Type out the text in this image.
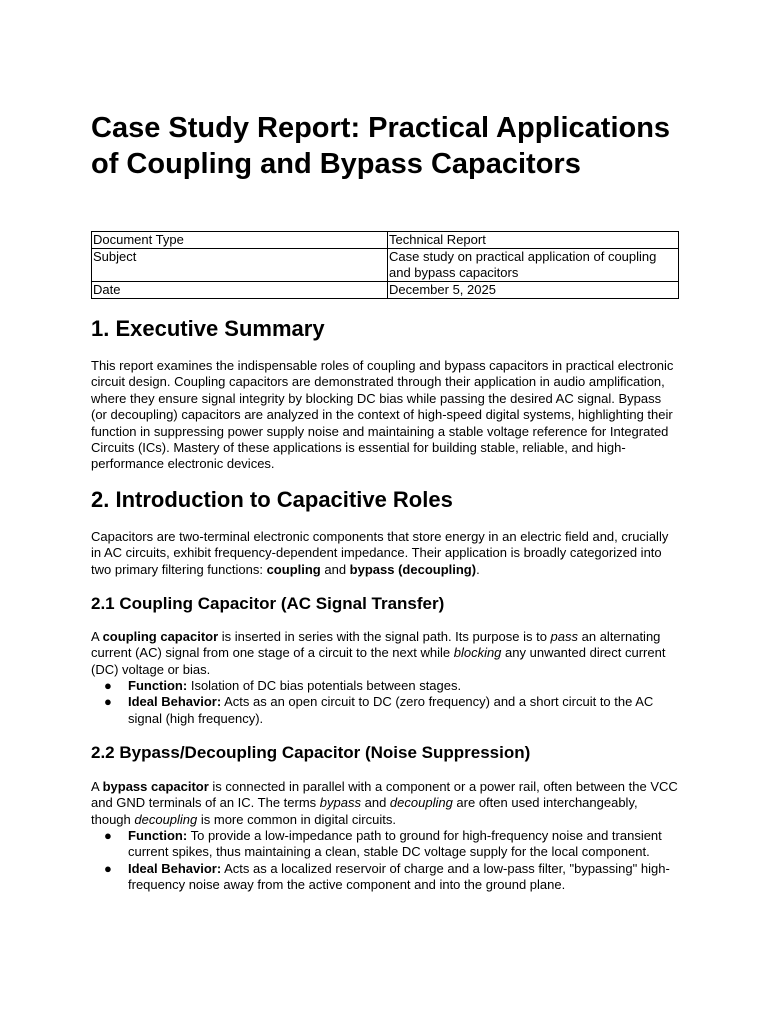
Case Study Report: Practical Applications of Coupling and Bypass Capacitors
Document Type	Technical Report
Subject	Case study on practical application of coupling and bypass capacitors
Date	December 5, 2025
1. Executive Summary

This report examines the indispensable roles of coupling and bypass capacitors in practical electronic circuit design. Coupling capacitors are demonstrated through their application in audio amplification, where they ensure signal integrity by blocking DC bias while passing the desired AC signal. Bypass (or decoupling) capacitors are analyzed in the context of high-speed digital systems, highlighting their function in suppressing power supply noise and maintaining a stable voltage reference for Integrated Circuits (ICs). Mastery of these applications is essential for building stable, reliable, and high-performance electronic devices.

2. Introduction to Capacitive Roles

Capacitors are two-terminal electronic components that store energy in an electric field and, crucially in AC circuits, exhibit frequency-dependent impedance. Their application is broadly categorized into two primary filtering functions: coupling and bypass (decoupling).

2.1 Coupling Capacitor (AC Signal Transfer)

A coupling capacitor is inserted in series with the signal path. Its purpose is to pass an alternating current (AC) signal from one stage of a circuit to the next while blocking any unwanted direct current (DC) voltage or bias.

● Function: Isolation of DC bias potentials between stages.
● Ideal Behavior: Acts as an open circuit to DC (zero frequency) and a short circuit to the AC signal (high frequency).
2.2 Bypass/Decoupling Capacitor (Noise Suppression)

A bypass capacitor is connected in parallel with a component or a power rail, often between the VCC and GND terminals of an IC. The terms bypass and decoupling are often used interchangeably, though decoupling is more common in digital circuits.

● Function: To provide a low-impedance path to ground for high-frequency noise and transient current spikes, thus maintaining a clean, stable DC voltage supply for the local component.
● Ideal Behavior: Acts as a localized reservoir of charge and a low-pass filter, "bypassing" high-frequency noise away from the active component and into the ground plane.
